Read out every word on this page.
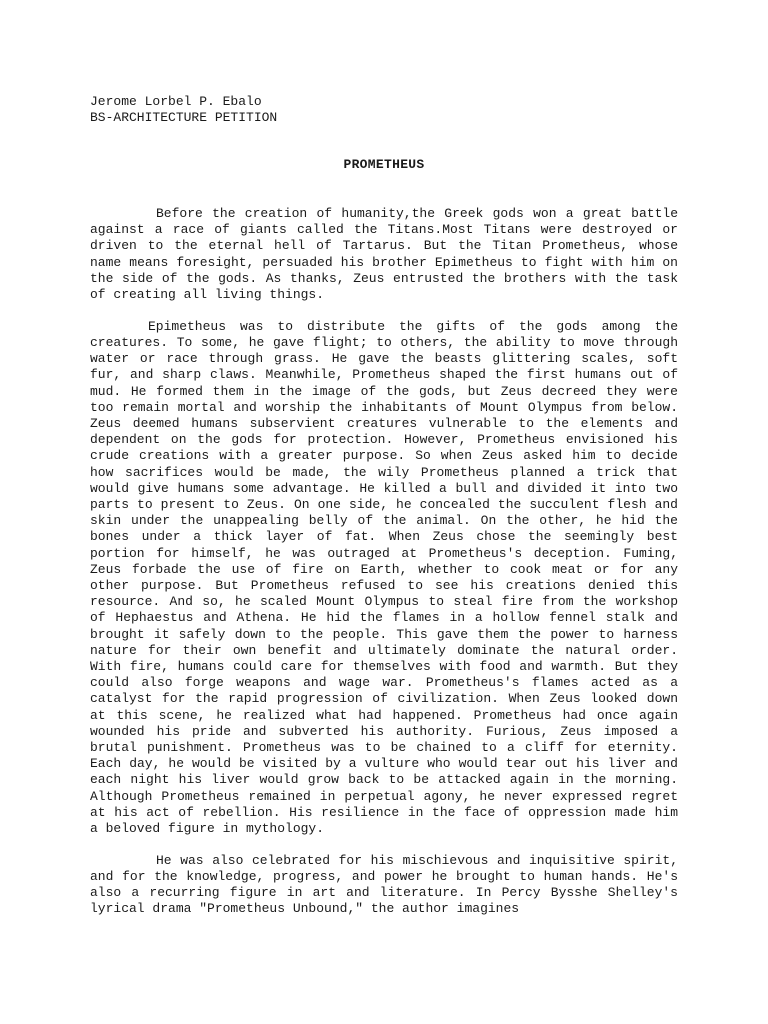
Jerome Lorbel P. Ebalo
BS-ARCHITECTURE PETITION
PROMETHEUS

Before the creation of humanity,the Greek gods won a great battle against a race of giants called the Titans.Most Titans were destroyed or driven to the eternal hell of Tartarus. But the Titan Prometheus, whose name means foresight, persuaded his brother Epimetheus to fight with him on the side of the gods. As thanks, Zeus entrusted the brothers with the task of creating all living things.

Epimetheus was to distribute the gifts of the gods among the creatures. To some, he gave flight; to others, the ability to move through water or race through grass. He gave the beasts glittering scales, soft fur, and sharp claws. Meanwhile, Prometheus shaped the first humans out of mud. He formed them in the image of the gods, but Zeus decreed they were too remain mortal and worship the inhabitants of Mount Olympus from below. Zeus deemed humans subservient creatures vulnerable to the elements and dependent on the gods for protection. However, Prometheus envisioned his crude creations with a greater purpose. So when Zeus asked him to decide how sacrifices would be made, the wily Prometheus planned a trick that would give humans some advantage. He killed a bull and divided it into two parts to present to Zeus. On one side, he concealed the succulent flesh and skin under the unappealing belly of the animal. On the other, he hid the bones under a thick layer of fat. When Zeus chose the seemingly best portion for himself, he was outraged at Prometheus's deception. Fuming, Zeus forbade the use of fire on Earth, whether to cook meat or for any other purpose. But Prometheus refused to see his creations denied this resource. And so, he scaled Mount Olympus to steal fire from the workshop of Hephaestus and Athena. He hid the flames in a hollow fennel stalk and brought it safely down to the people. This gave them the power to harness nature for their own benefit and ultimately dominate the natural order. With fire, humans could care for themselves with food and warmth. But they could also forge weapons and wage war. Prometheus's flames acted as a catalyst for the rapid progression of civilization. When Zeus looked down at this scene, he realized what had happened. Prometheus had once again wounded his pride and subverted his authority. Furious, Zeus imposed a brutal punishment. Prometheus was to be chained to a cliff for eternity. Each day, he would be visited by a vulture who would tear out his liver and each night his liver would grow back to be attacked again in the morning. Although Prometheus remained in perpetual agony, he never expressed regret at his act of rebellion. His resilience in the face of oppression made him a beloved figure in mythology.

He was also celebrated for his mischievous and inquisitive spirit, and for the knowledge, progress, and power he brought to human hands. He's also a recurring figure in art and literature. In Percy Bysshe Shelley's lyrical drama "Prometheus Unbound," the author imagines
